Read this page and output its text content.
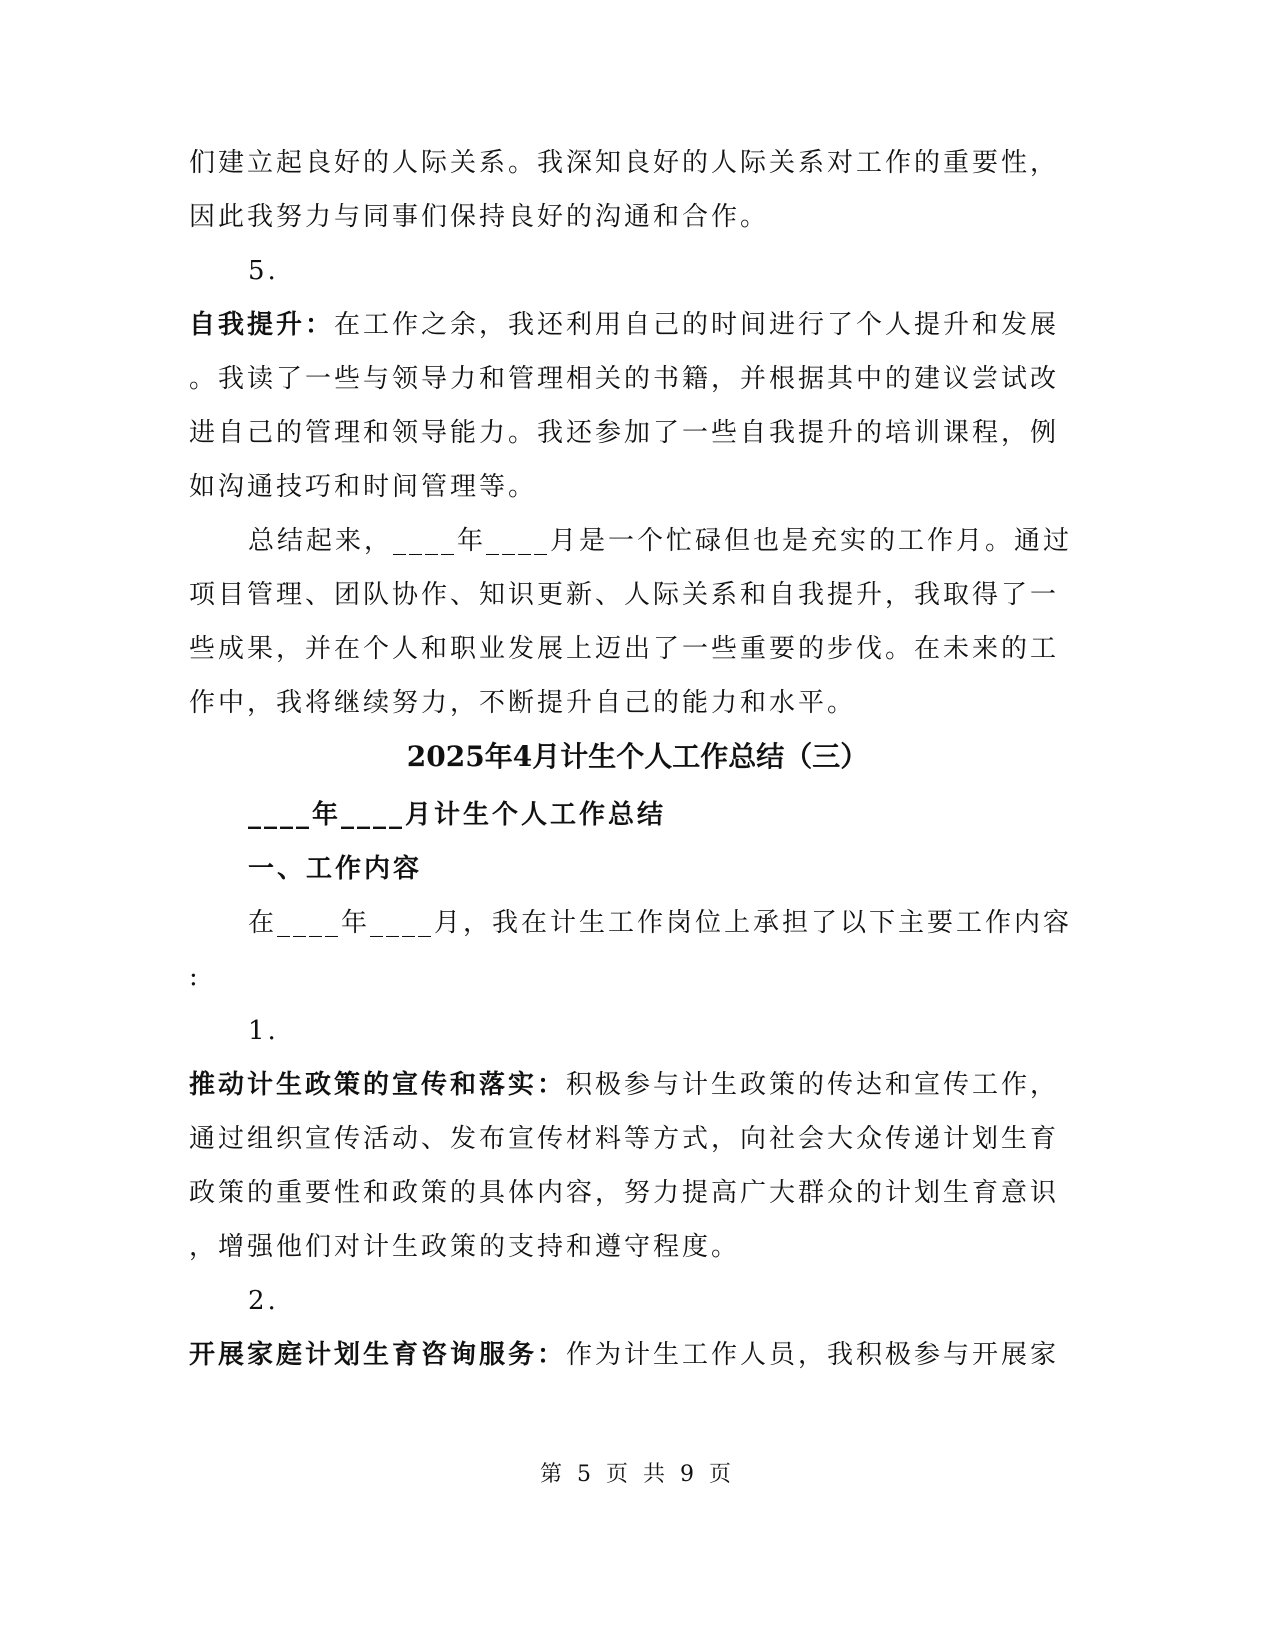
们建立起良好的人际关系。我深知良好的人际关系对工作的重要性，
因此我努力与同事们保持良好的沟通和合作。
5.
自我提升：在工作之余，我还利用自己的时间进行了个人提升和发展
。我读了一些与领导力和管理相关的书籍，并根据其中的建议尝试改
进自己的管理和领导能力。我还参加了一些自我提升的培训课程，例
如沟通技巧和时间管理等。
总结起来，____年____月是一个忙碌但也是充实的工作月。通过
项目管理、团队协作、知识更新、人际关系和自我提升，我取得了一
些成果，并在个人和职业发展上迈出了一些重要的步伐。在未来的工
作中，我将继续努力，不断提升自己的能力和水平。
2025年4月计生个人工作总结（三）
____年____月计生个人工作总结
一、工作内容
在____年____月，我在计生工作岗位上承担了以下主要工作内容
:
1.
推动计生政策的宣传和落实：积极参与计生政策的传达和宣传工作，
通过组织宣传活动、发布宣传材料等方式，向社会大众传递计划生育
政策的重要性和政策的具体内容，努力提高广大群众的计划生育意识
，增强他们对计生政策的支持和遵守程度。
2.
开展家庭计划生育咨询服务：作为计生工作人员，我积极参与开展家
第 5 页 共 9 页
